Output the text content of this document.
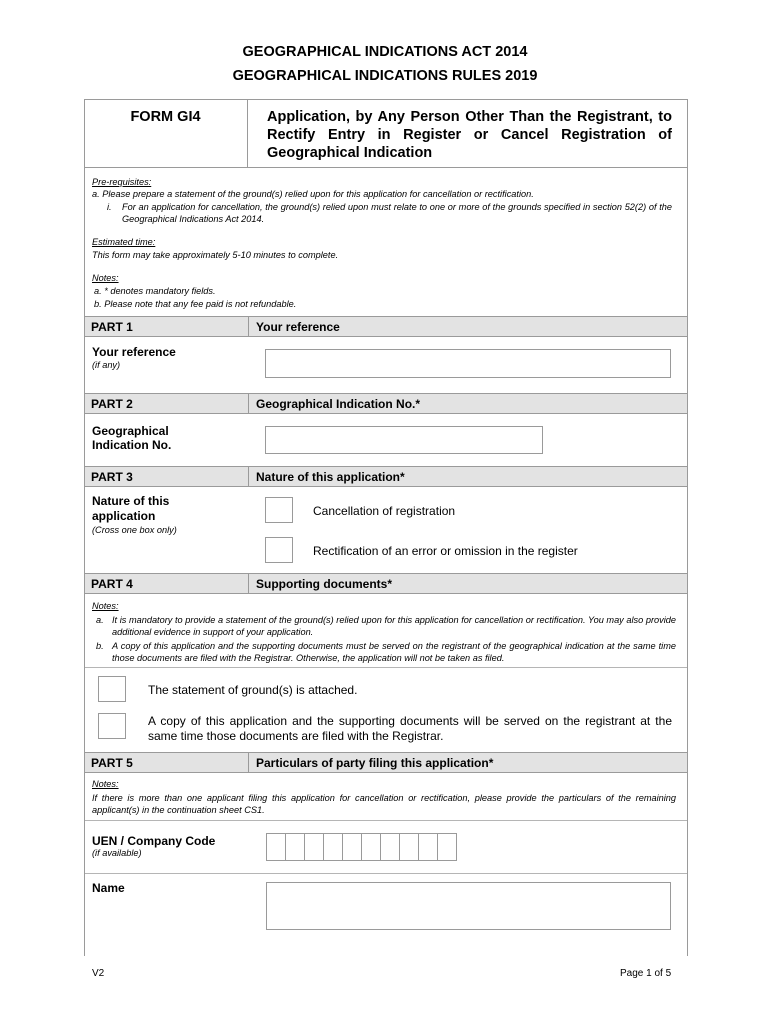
GEOGRAPHICAL INDICATIONS ACT 2014
GEOGRAPHICAL INDICATIONS RULES 2019
FORM GI4	Application, by Any Person Other Than the Registrant, to Rectify Entry in Register or Cancel Registration of Geographical Indication
Pre-requisites:
a. Please prepare a statement of the ground(s) relied upon for this application for cancellation or rectification.
i. For an application for cancellation, the ground(s) relied upon must relate to one or more of the grounds specified in section 52(2) of the Geographical Indications Act 2014.
Estimated time:
This form may take approximately 5-10 minutes to complete.
Notes:
a. * denotes mandatory fields.
b. Please note that any fee paid is not refundable.
PART 1	Your reference
Your reference
(if any)
PART 2	Geographical Indication No.*
Geographical
Indication No.
PART 3	Nature of this application*
Nature of this
application
(Cross one box only)
Cancellation of registration
Rectification of an error or omission in the register
PART 4	Supporting documents*
Notes:
a. It is mandatory to provide a statement of the ground(s) relied upon for this application for cancellation or rectification. You may also provide additional evidence in support of your application.
b. A copy of this application and the supporting documents must be served on the registrant of the geographical indication at the same time those documents are filed with the Registrar. Otherwise, the application will not be taken as filed.
The statement of ground(s) is attached.
A copy of this application and the supporting documents will be served on the registrant at the same time those documents are filed with the Registrar.
PART 5	Particulars of party filing this application*
Notes:
If there is more than one applicant filing this application for cancellation or rectification, please provide the particulars of the remaining applicant(s) in the continuation sheet CS1.
UEN / Company Code
(if available)
Name
V2	Page 1 of 5
